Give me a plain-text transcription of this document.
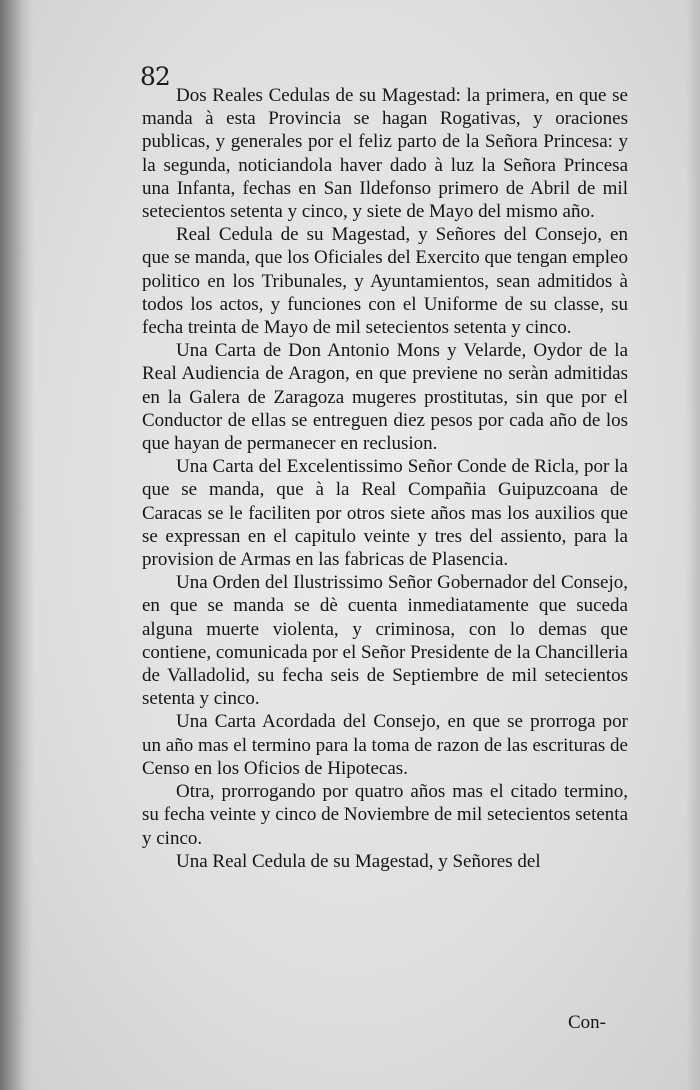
82

Dos Reales Cedulas de su Magestad: la primera, en que se manda à esta Provincia se hagan Rogativas, y oraciones publicas, y generales por el feliz parto de la Señora Princesa: y la segunda, noticiandola haver dado à luz la Señora Princesa una Infanta, fechas en San Ildefonso primero de Abril de mil setecientos setenta y cinco, y siete de Mayo del mismo año.

Real Cedula de su Magestad, y Señores del Consejo, en que se manda, que los Oficiales del Exercito que tengan empleo politico en los Tribunales, y Ayuntamientos, sean admitidos à todos los actos, y funciones con el Uniforme de su classe, su fecha treinta de Mayo de mil setecientos setenta y cinco.

Una Carta de Don Antonio Mons y Velarde, Oydor de la Real Audiencia de Aragon, en que previene no seràn admitidas en la Galera de Zaragoza mugeres prostitutas, sin que por el Conductor de ellas se entreguen diez pesos por cada año de los que hayan de permanecer en reclusion.

Una Carta del Excelentissimo Señor Conde de Ricla, por la que se manda, que à la Real Compañia Guipuzcoana de Caracas se le faciliten por otros siete años mas los auxilios que se expressan en el capitulo veinte y tres del assiento, para la provision de Armas en las fabricas de Plasencia.

Una Orden del Ilustrissimo Señor Gobernador del Consejo, en que se manda se dè cuenta inmediatamente que suceda alguna muerte violenta, y criminosa, con lo demas que contiene, comunicada por el Señor Presidente de la Chancilleria de Valladolid, su fecha seis de Septiembre de mil setecientos setenta y cinco.

Una Carta Acordada del Consejo, en que se prorroga por un año mas el termino para la toma de razon de las escrituras de Censo en los Oficios de Hipotecas.

Otra, prorrogando por quatro años mas el citado termino, su fecha veinte y cinco de Noviembre de mil setecientos setenta y cinco.

Una Real Cedula de su Magestad, y Señores del

Con-
